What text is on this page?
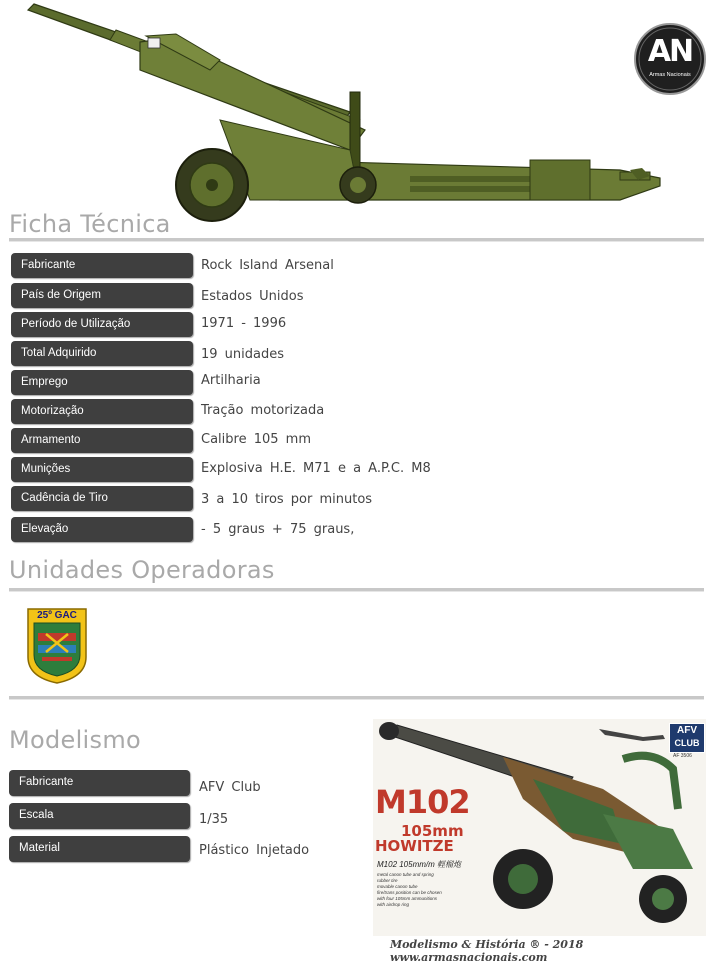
AN
Armas Nacionais
Ficha Técnica
Fabricante	Rock Island Arsenal
País de Origem	Estados Unidos
Período de Utilização	1971 - 1996
Total Adquirido	19 unidades
Emprego	Artilharia
Motorização	Tração motorizada
Armamento	Calibre 105 mm
Munições	Explosiva H.E. M71 e a A.P.C. M8
Cadência de Tiro	3 a 10 tiros por minutos
Elevação	- 5 graus + 75 graus,
Unidades Operadoras
25º GAC
Modelismo
Fabricante	AFV Club
Escala	1/35
Material	Plástico Injetado
AFV
CLUB
AF 3506
M102
105mm
HOWITZE
M102 105mm/m 輕榴炮
metal canon tube and spring
rubber tire
movable canon tube
fire/trans position can be chosen
with four 105mm ammunitions
with airdrop ring
Modelismo & História ® - 2018 www.armasnacionais.com
